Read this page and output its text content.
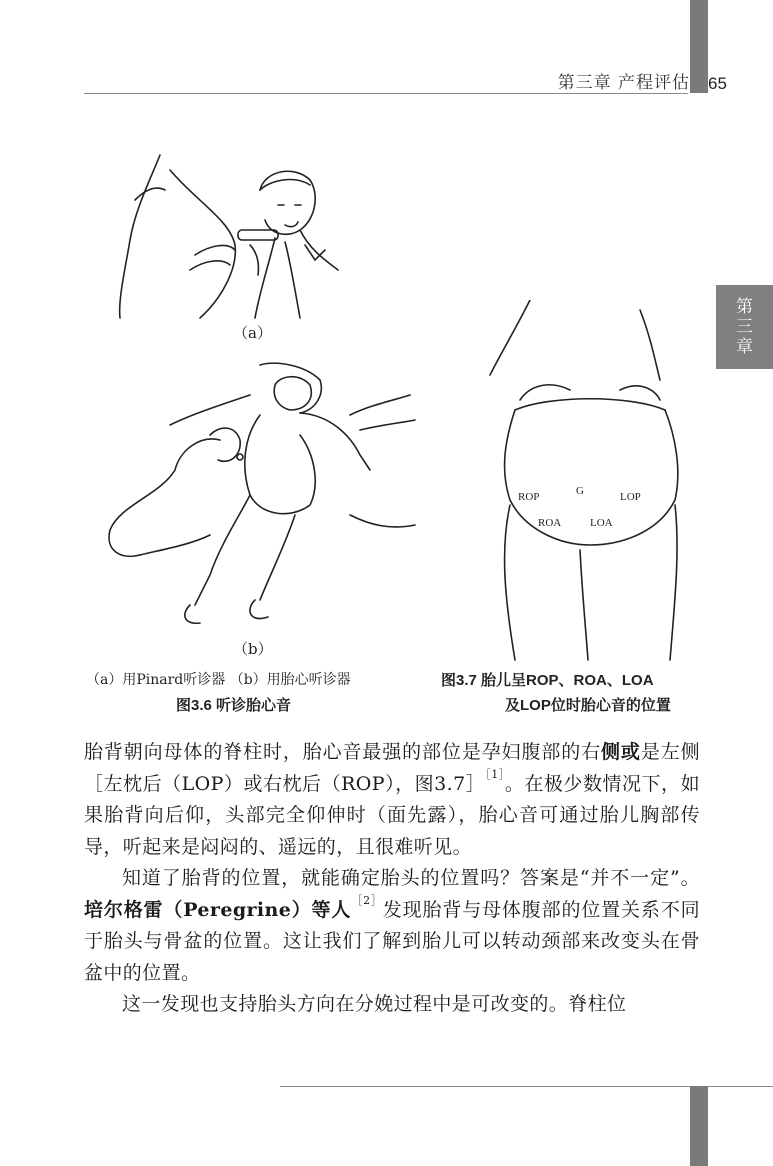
第三章 产程评估 65
第
三
章
（a）
（b）
（a）用Pinard听诊器 （b）用胎心听诊器
图3.6 听诊胎心音
ROP	G	LOP
ROA	LOA
图3.7 胎儿呈ROP、ROA、LOA
及LOP位时胎心音的位置

胎背朝向母体的脊柱时，胎心音最强的部位是孕妇腹部的右侧或是左侧［左枕后（LOP）或右枕后（ROP），图3.7］$^{[1]}$。在极少数情况下，如果胎背向后仰，头部完全仰伸时（面先露），胎心音可通过胎儿胸部传导，听起来是闷闷的、遥远的，且很难听见。

知道了胎背的位置，就能确定胎头的位置吗？答案是“并不一定”。培尔格雷（Peregrine）等人$^{[2]}$发现胎背与母体腹部的位置关系不同于胎头与骨盆的位置。这让我们了解到胎儿可以转动颈部来改变头在骨盆中的位置。

这一发现也支持胎头方向在分娩过程中是可改变的。脊柱位
